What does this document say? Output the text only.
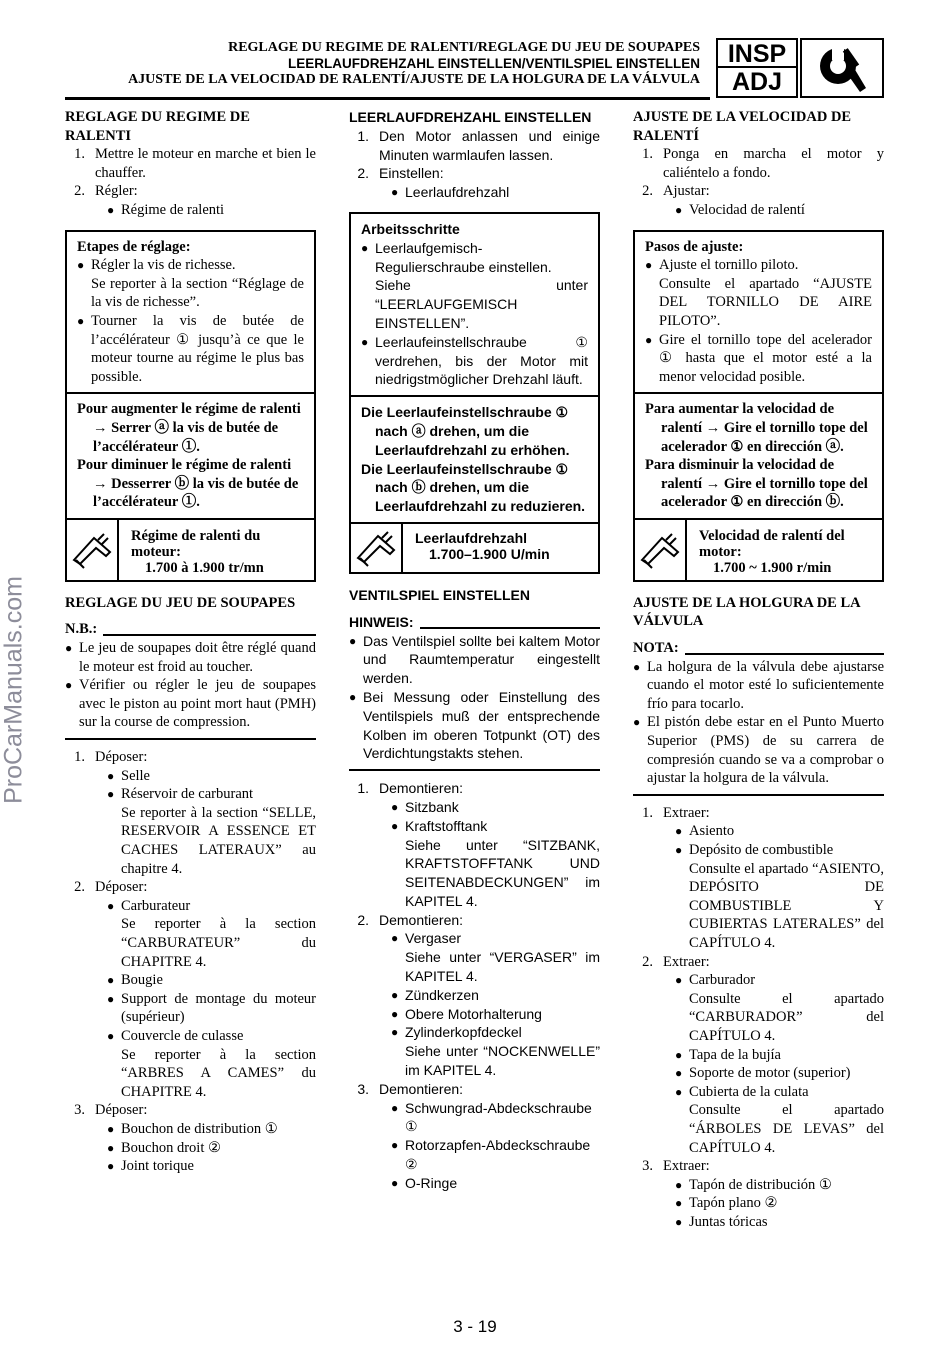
ProCarManuals.com
REGLAGE DU REGIME DE RALENTI/REGLAGE DU JEU DE SOUPAPES
LEERLAUFDREHZAHL EINSTELLEN/VENTILSPIEL EINSTELLEN
AJUSTE DE LA VELOCIDAD DE RALENTÍ/AJUSTE DE LA HOLGURA DE LA VÁLVULA
INSP
ADJ
REGLAGE DU REGIME DE RALENTI
1. Mettre le moteur en marche et bien le chauffer.
2. Régler:
● Régime de ralenti
Etapes de réglage:
● Régler la vis de richesse.
Se reporter à la section “Réglage de la vis de richesse”.
● Tourner la vis de butée de l’accélérateur ① jusqu’à ce que le moteur tourne au régime le plus bas possible.
Pour augmenter le régime de ralenti → Serrer ⓐ la vis de butée de l’accélérateur ①.
Pour diminuer le régime de ralenti → Desserrer ⓑ la vis de butée de l’accélérateur ①.
Régime de ralenti du moteur:
1.700 à 1.900 tr/mn
REGLAGE DU JEU DE SOUPAPES
N.B.:
● Le jeu de soupapes doit être réglé quand le moteur est froid au toucher.
● Vérifier ou régler le jeu de soupapes avec le piston au point mort haut (PMH) sur la course de compression.
1. Déposer:
● Selle
● Réservoir de carburant
Se reporter à la section “SELLE, RESERVOIR A ESSENCE ET CACHES LATERAUX” au chapitre 4.
2. Déposer:
● Carburateur
Se reporter à la section “CARBURATEUR” du CHAPITRE 4.
● Bougie
● Support de montage du moteur (supérieur)
● Couvercle de culasse
Se reporter à la section “ARBRES A CAMES” du CHAPITRE 4.
3. Déposer:
● Bouchon de distribution ①
● Bouchon droit ②
● Joint torique
LEERLAUFDREHZAHL EINSTELLEN
1. Den Motor anlassen und einige Minuten warmlaufen lassen.
2. Einstellen:
● Leerlaufdrehzahl
Arbeitsschritte
● Leerlaufgemisch-Regulierschraube einstellen.
Siehe unter “LEERLAUFGEMISCH EINSTELLEN”.
● Leerlaufeinstellschraube ① verdrehen, bis der Motor mit niedrigstmöglicher Drehzahl läuft.
Die Leerlaufeinstellschraube ① nach ⓐ drehen, um die Leerlaufdrehzahl zu erhöhen.
Die Leerlaufeinstellschraube ① nach ⓑ drehen, um die Leerlaufdrehzahl zu reduzieren.
Leerlaufdrehzahl
1.700–1.900 U/min
VENTILSPIEL EINSTELLEN
HINWEIS:
● Das Ventilspiel sollte bei kaltem Motor und Raumtemperatur eingestellt werden.
● Bei Messung oder Einstellung des Ventilspiels muß der entsprechende Kolben im oberen Totpunkt (OT) des Verdichtungstakts stehen.
1. Demontieren:
● Sitzbank
● Kraftstofftank
Siehe unter “SITZBANK, KRAFTSTOFFTANK UND SEITENABDECKUNGEN” im KAPITEL 4.
2. Demontieren:
● Vergaser
Siehe unter “VERGASER” im KAPITEL 4.
● Zündkerzen
● Obere Motorhalterung
● Zylinderkopfdeckel
Siehe unter “NOCKENWELLE” im KAPITEL 4.
3. Demontieren:
● Schwungrad-Abdeckschraube ①
● Rotorzapfen-Abdeckschraube ②
● O-Ringe
AJUSTE DE LA VELOCIDAD DE RALENTÍ
1. Ponga en marcha el motor y caliéntelo a fondo.
2. Ajustar:
● Velocidad de ralentí
Pasos de ajuste:
● Ajuste el tornillo piloto.
Consulte el apartado “AJUSTE DEL TORNILLO DE AIRE PILOTO”.
● Gire el tornillo tope del acelerador ① hasta que el motor esté a la menor velocidad posible.
Para aumentar la velocidad de ralentí → Gire el tornillo tope del acelerador ① en dirección ⓐ.
Para disminuir la velocidad de ralentí → Gire el tornillo tope del acelerador ① en dirección ⓑ.
Velocidad de ralentí del motor:
1.700 ~ 1.900 r/min
AJUSTE DE LA HOLGURA DE LA VÁLVULA
NOTA:
● La holgura de la válvula debe ajustarse cuando el motor esté lo suficientemente frío para tocarlo.
● El pistón debe estar en el Punto Muerto Superior (PMS) de su carrera de compresión cuando se va a comprobar o ajustar la holgura de la válvula.
1. Extraer:
● Asiento
● Depósito de combustible
Consulte el apartado “ASIENTO, DEPÓSITO DE COMBUSTIBLE Y CUBIERTAS LATERALES” del CAPÍTULO 4.
2. Extraer:
● Carburador
Consulte el apartado “CARBURADOR” del CAPÍTULO 4.
● Tapa de la bujía
● Soporte de motor (superior)
● Cubierta de la culata
Consulte el apartado “ÁRBOLES DE LEVAS” del CAPÍTULO 4.
3. Extraer:
● Tapón de distribución ①
● Tapón plano ②
● Juntas tóricas
3 - 19
